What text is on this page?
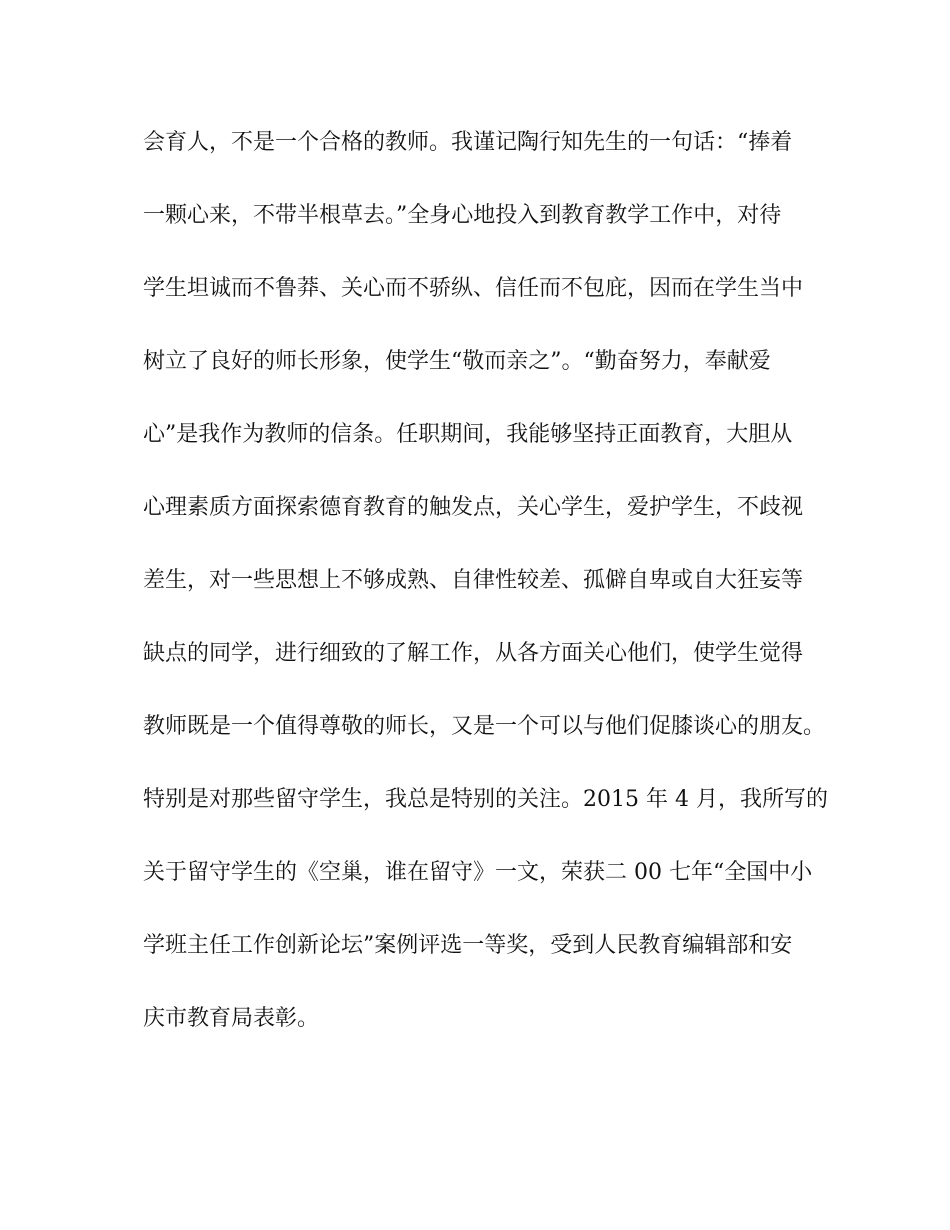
会育人，不是一个合格的教师。我谨记陶行知先生的一句话：“捧着
一颗心来，不带半根草去。”全身心地投入到教育教学工作中，对待
学生坦诚而不鲁莽、关心而不骄纵、信任而不包庇，因而在学生当中
树立了良好的师长形象，使学生“敬而亲之”。“勤奋努力，奉献爱
心”是我作为教师的信条。任职期间，我能够坚持正面教育，大胆从
心理素质方面探索德育教育的触发点，关心学生，爱护学生，不歧视
差生，对一些思想上不够成熟、自律性较差、孤僻自卑或自大狂妄等
缺点的同学，进行细致的了解工作，从各方面关心他们，使学生觉得
教师既是一个值得尊敬的师长，又是一个可以与他们促膝谈心的朋友。
特别是对那些留守学生，我总是特别的关注。2015 年 4 月，我所写的
关于留守学生的《空巢，谁在留守》一文，荣获二 00 七年“全国中小
学班主任工作创新论坛”案例评选一等奖，受到人民教育编辑部和安
庆市教育局表彰。
